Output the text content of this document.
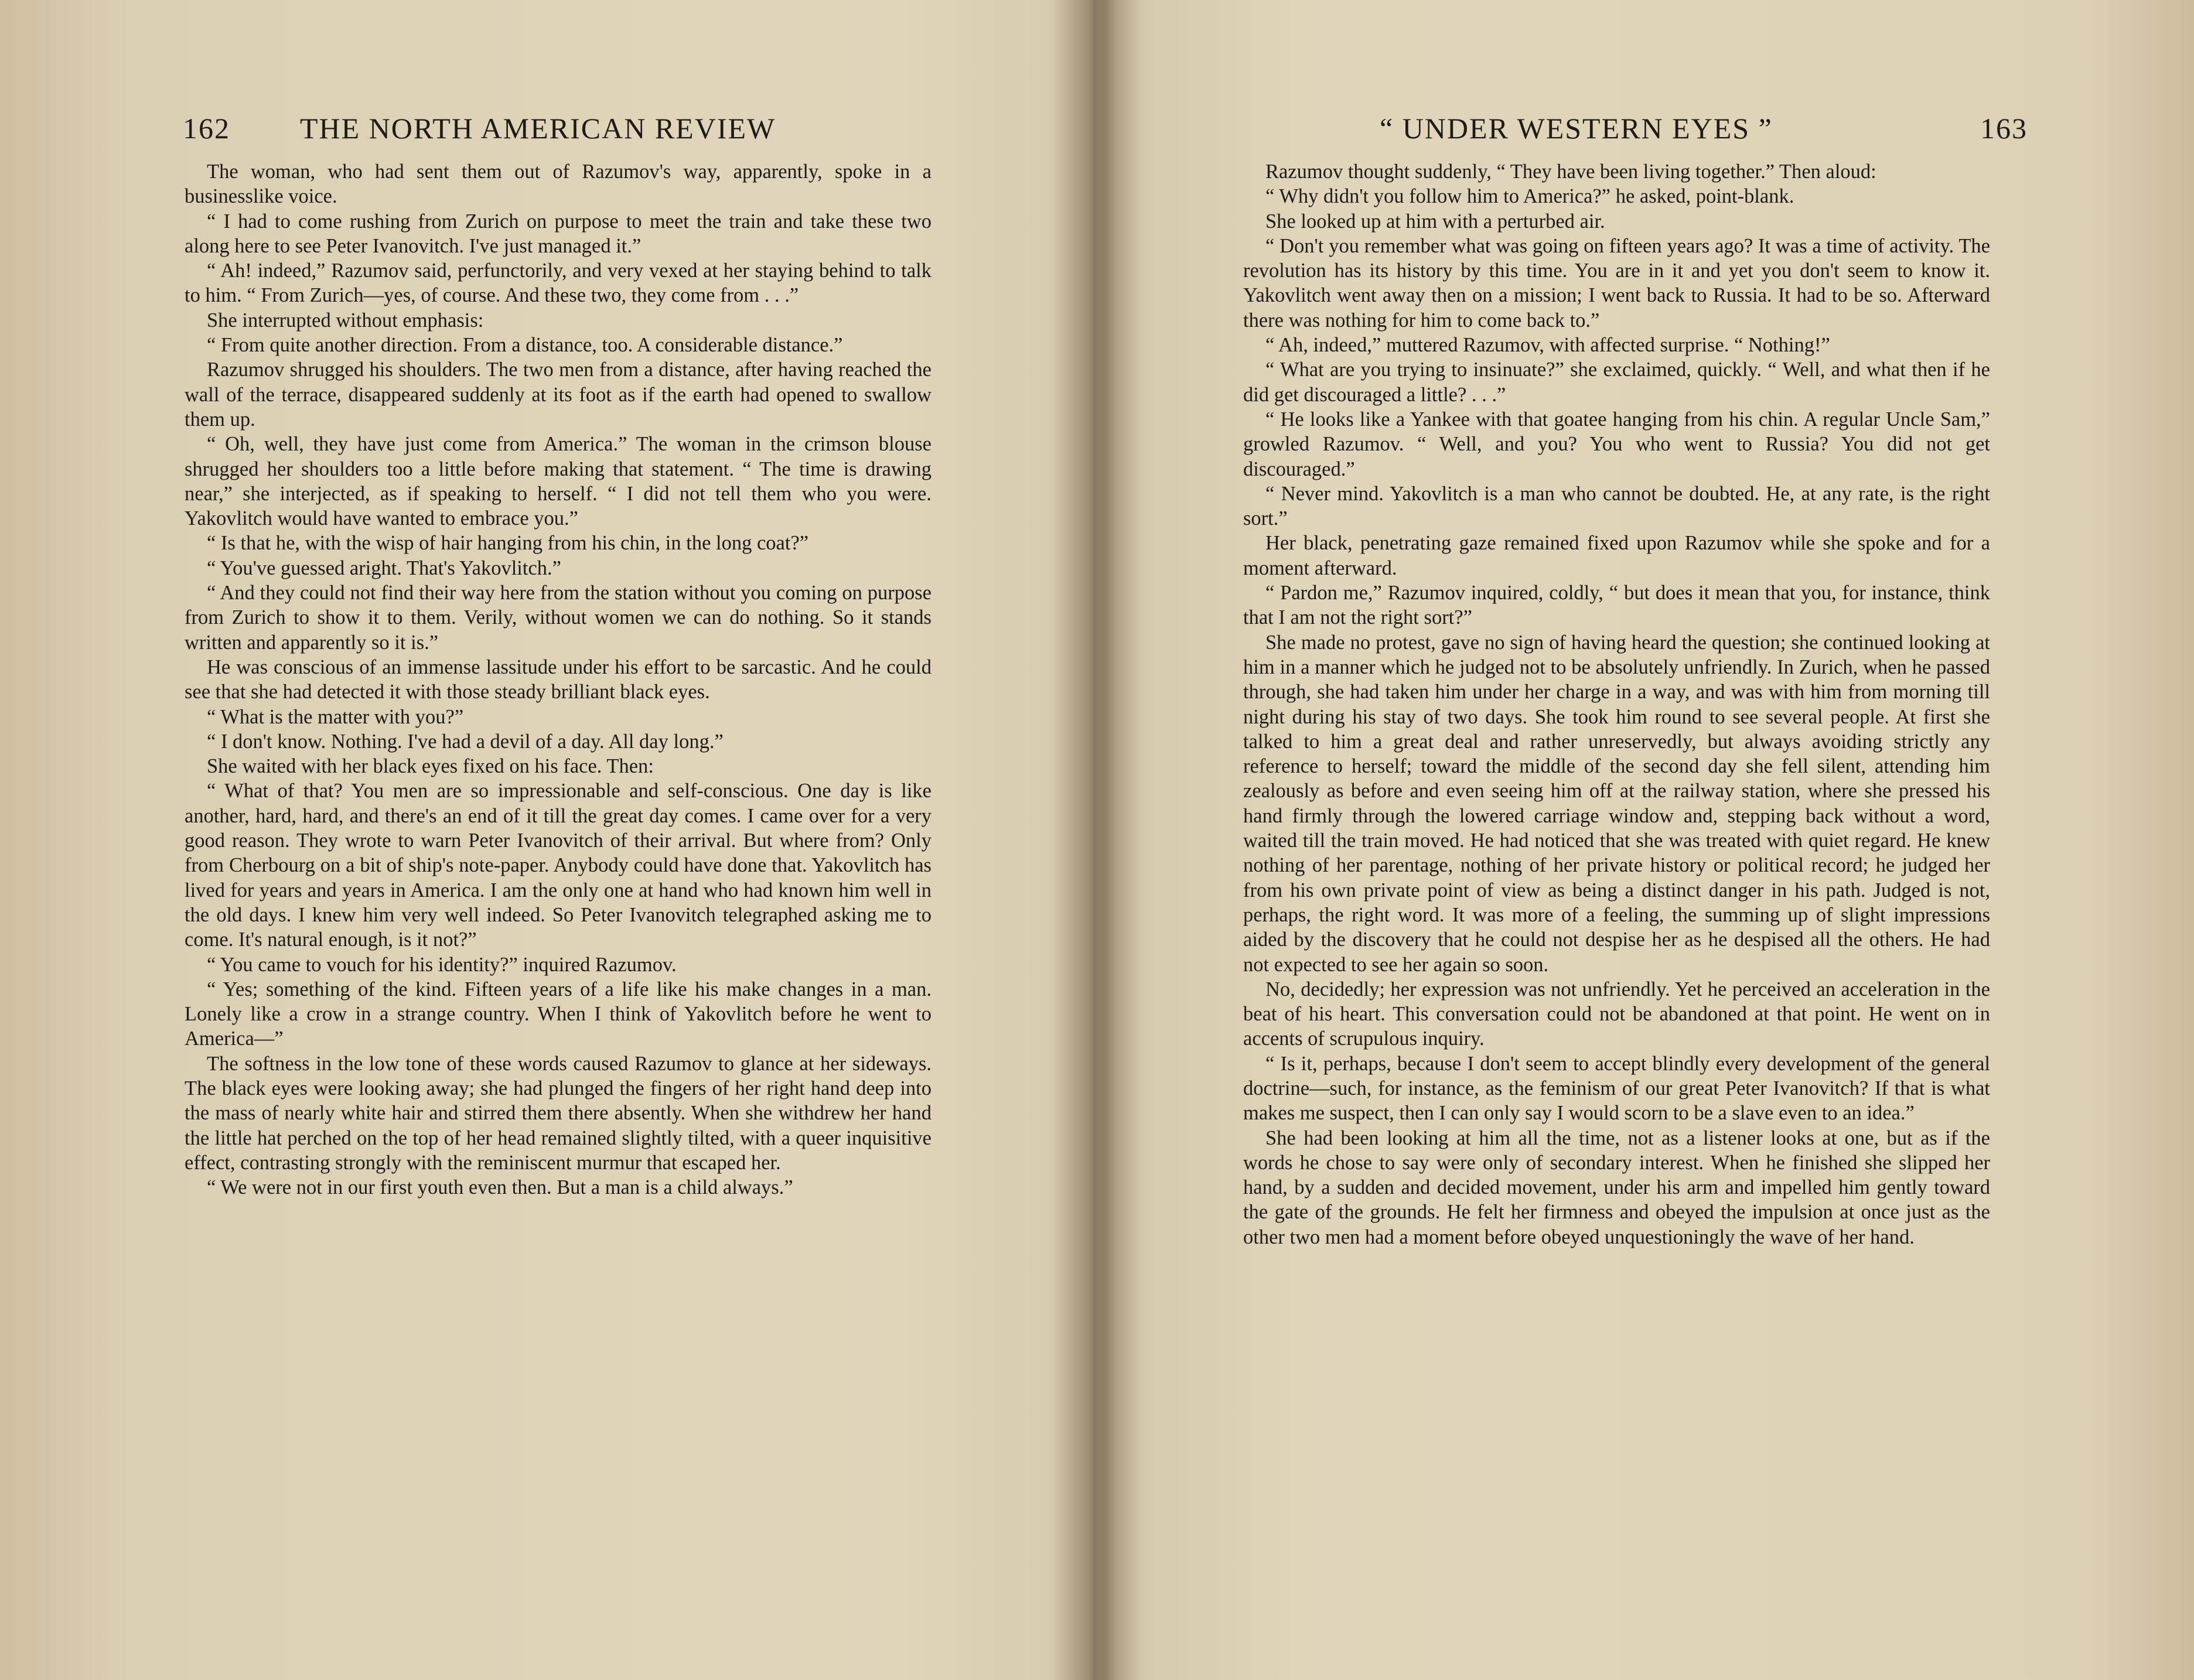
162 THE NORTH AMERICAN REVIEW

The woman, who had sent them out of Razumov's way, apparently, spoke in a businesslike voice.

“ I had to come rushing from Zurich on purpose to meet the train and take these two along here to see Peter Ivanovitch. I've just managed it.”

“ Ah! indeed,” Razumov said, perfunctorily, and very vexed at her staying behind to talk to him. “ From Zurich—yes, of course. And these two, they come from . . .”

She interrupted without emphasis:

“ From quite another direction. From a distance, too. A considerable distance.”

Razumov shrugged his shoulders. The two men from a distance, after having reached the wall of the terrace, disappeared suddenly at its foot as if the earth had opened to swallow them up.

“ Oh, well, they have just come from America.” The woman in the crimson blouse shrugged her shoulders too a little before making that statement. “ The time is drawing near,” she interjected, as if speaking to herself. “ I did not tell them who you were. Yakovlitch would have wanted to embrace you.”

“ Is that he, with the wisp of hair hanging from his chin, in the long coat?”

“ You've guessed aright. That's Yakovlitch.”

“ And they could not find their way here from the station without you coming on purpose from Zurich to show it to them. Verily, without women we can do nothing. So it stands written and apparently so it is.”

He was conscious of an immense lassitude under his effort to be sarcastic. And he could see that she had detected it with those steady brilliant black eyes.

“ What is the matter with you?”

“ I don't know. Nothing. I've had a devil of a day. All day long.”

She waited with her black eyes fixed on his face. Then:

“ What of that? You men are so impressionable and self-conscious. One day is like another, hard, hard, and there's an end of it till the great day comes. I came over for a very good reason. They wrote to warn Peter Ivanovitch of their arrival. But where from? Only from Cherbourg on a bit of ship's note-paper. Anybody could have done that. Yakovlitch has lived for years and years in America. I am the only one at hand who had known him well in the old days. I knew him very well indeed. So Peter Ivanovitch telegraphed asking me to come. It's natural enough, is it not?”

“ You came to vouch for his identity?” inquired Razumov.

“ Yes; something of the kind. Fifteen years of a life like his make changes in a man. Lonely like a crow in a strange country. When I think of Yakovlitch before he went to America—”

The softness in the low tone of these words caused Razumov to glance at her sideways. The black eyes were looking away; she had plunged the fingers of her right hand deep into the mass of nearly white hair and stirred them there absently. When she withdrew her hand the little hat perched on the top of her head remained slightly tilted, with a queer inquisitive effect, contrasting strongly with the reminiscent murmur that escaped her.

“ We were not in our first youth even then. But a man is a child always.”

“ UNDER WESTERN EYES ”	163

Razumov thought suddenly, “ They have been living together.” Then aloud:

“ Why didn't you follow him to America?” he asked, point-blank.

She looked up at him with a perturbed air.

“ Don't you remember what was going on fifteen years ago? It was a time of activity. The revolution has its history by this time. You are in it and yet you don't seem to know it. Yakovlitch went away then on a mission; I went back to Russia. It had to be so. Afterward there was nothing for him to come back to.”

“ Ah, indeed,” muttered Razumov, with affected surprise. “ Nothing!”

“ What are you trying to insinuate?” she exclaimed, quickly. “ Well, and what then if he did get discouraged a little? . . .”

“ He looks like a Yankee with that goatee hanging from his chin. A regular Uncle Sam,” growled Razumov. “ Well, and you? You who went to Russia? You did not get discouraged.”

“ Never mind. Yakovlitch is a man who cannot be doubted. He, at any rate, is the right sort.”

Her black, penetrating gaze remained fixed upon Razumov while she spoke and for a moment afterward.

“ Pardon me,” Razumov inquired, coldly, “ but does it mean that you, for instance, think that I am not the right sort?”

She made no protest, gave no sign of having heard the question; she continued looking at him in a manner which he judged not to be absolutely unfriendly. In Zurich, when he passed through, she had taken him under her charge in a way, and was with him from morning till night during his stay of two days. She took him round to see several people. At first she talked to him a great deal and rather unreservedly, but always avoiding strictly any reference to herself; toward the middle of the second day she fell silent, attending him zealously as before and even seeing him off at the railway station, where she pressed his hand firmly through the lowered carriage window and, stepping back without a word, waited till the train moved. He had noticed that she was treated with quiet regard. He knew nothing of her parentage, nothing of her private history or political record; he judged her from his own private point of view as being a distinct danger in his path. Judged is not, perhaps, the right word. It was more of a feeling, the summing up of slight impressions aided by the discovery that he could not despise her as he despised all the others. He had not expected to see her again so soon.

No, decidedly; her expression was not unfriendly. Yet he perceived an acceleration in the beat of his heart. This conversation could not be abandoned at that point. He went on in accents of scrupulous inquiry.

“ Is it, perhaps, because I don't seem to accept blindly every development of the general doctrine—such, for instance, as the feminism of our great Peter Ivanovitch? If that is what makes me suspect, then I can only say I would scorn to be a slave even to an idea.”

She had been looking at him all the time, not as a listener looks at one, but as if the words he chose to say were only of secondary interest. When he finished she slipped her hand, by a sudden and decided movement, under his arm and impelled him gently toward the gate of the grounds. He felt her firmness and obeyed the impulsion at once just as the other two men had a moment before obeyed unquestioningly the wave of her hand.
